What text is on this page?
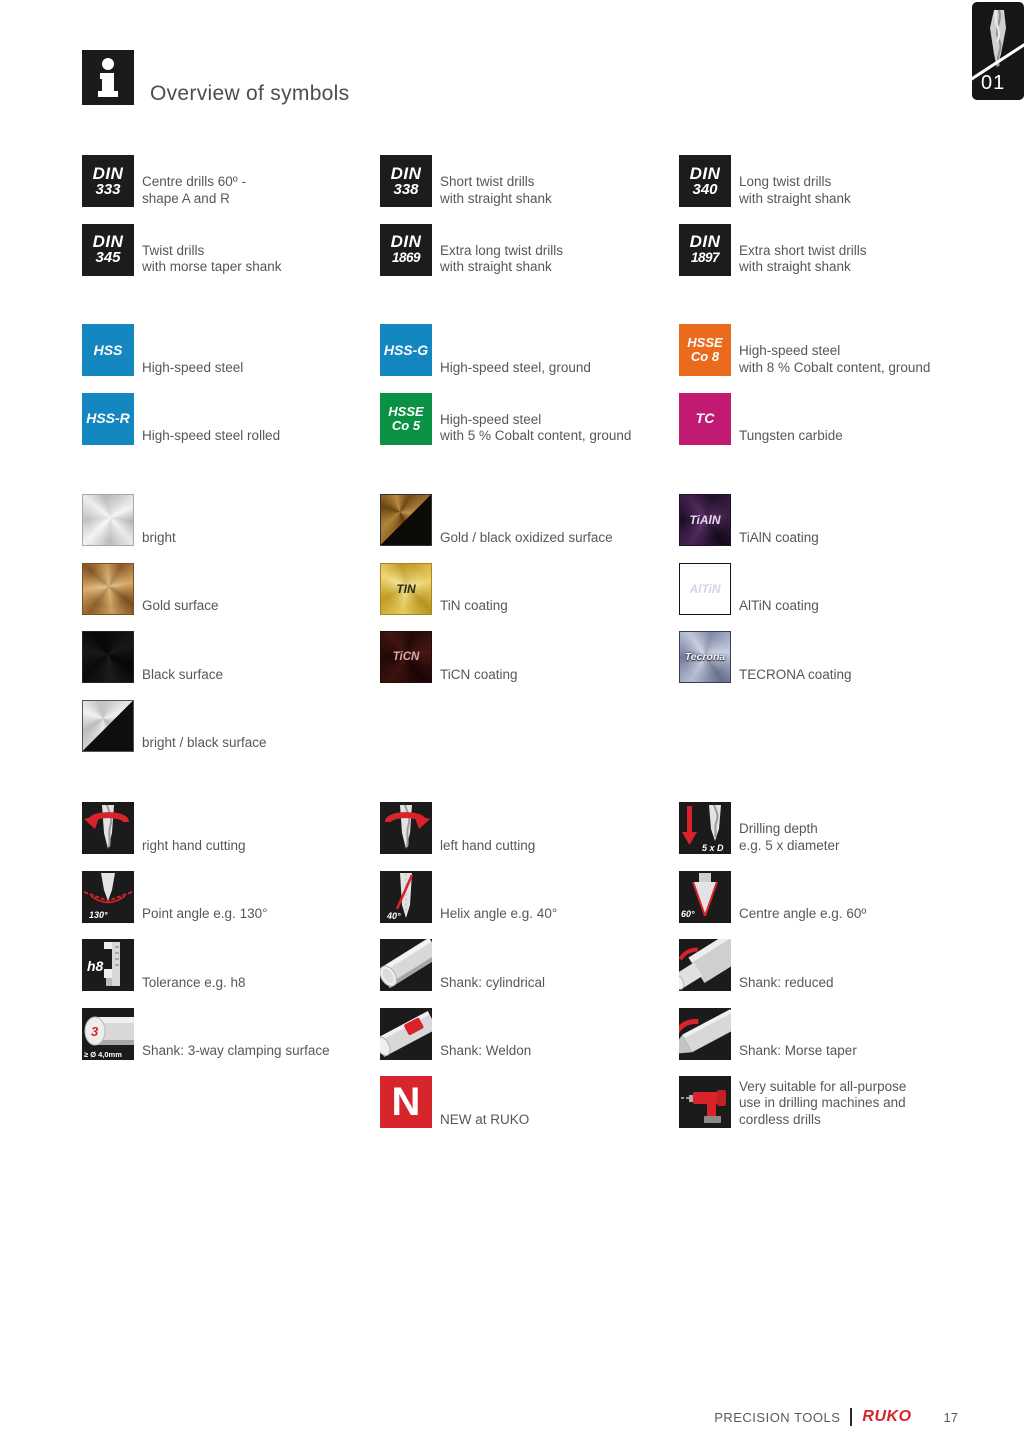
Overview of symbols	01
DIN
333 Centre drills 60º -
shape A and R
DIN
345 Twist drills
with morse taper shank
HSS
High-speed steel
HSS-R
High-speed steel rolled
bright
Gold surface
Black surface
bright / black surface
right hand cutting
130°	Point angle e.g. 130°
h8
Tolerance e.g. h8
3
≥ Ø 4,0mm Shank: 3-way clamping surface
DIN
338 Short twist drills
with straight shank
DIN
1869 Extra long twist drills
with straight shank
HSS-G
High-speed steel, ground
HSSE
Co 5 High-speed steel
with 5 % Cobalt content, ground
Gold / black oxidized surface
TIN
TiN coating
TiCN
TiCN coating
left hand cutting
40°	Helix angle e.g. 40°
Shank: cylindrical
Shank: Weldon
N NEW at RUKO
DIN
340 Long twist drills
with straight shank
DIN
1897 Extra short twist drills
with straight shank
HSSE
Co 8 High-speed steel
with 8 % Cobalt content, ground
TC
Tungsten carbide
TiAlN
TiAlN coating
AlTiN
AlTiN coating
Tecrona
TECRONA coating
5 x D
Drilling depth
e.g. 5 x diameter
60°	Centre angle e.g. 60º
Shank: reduced
Shank: Morse taper
Very suitable for all-purpose
use in drilling machines and
cordless drills
PRECISION TOOLS RUKO 17
